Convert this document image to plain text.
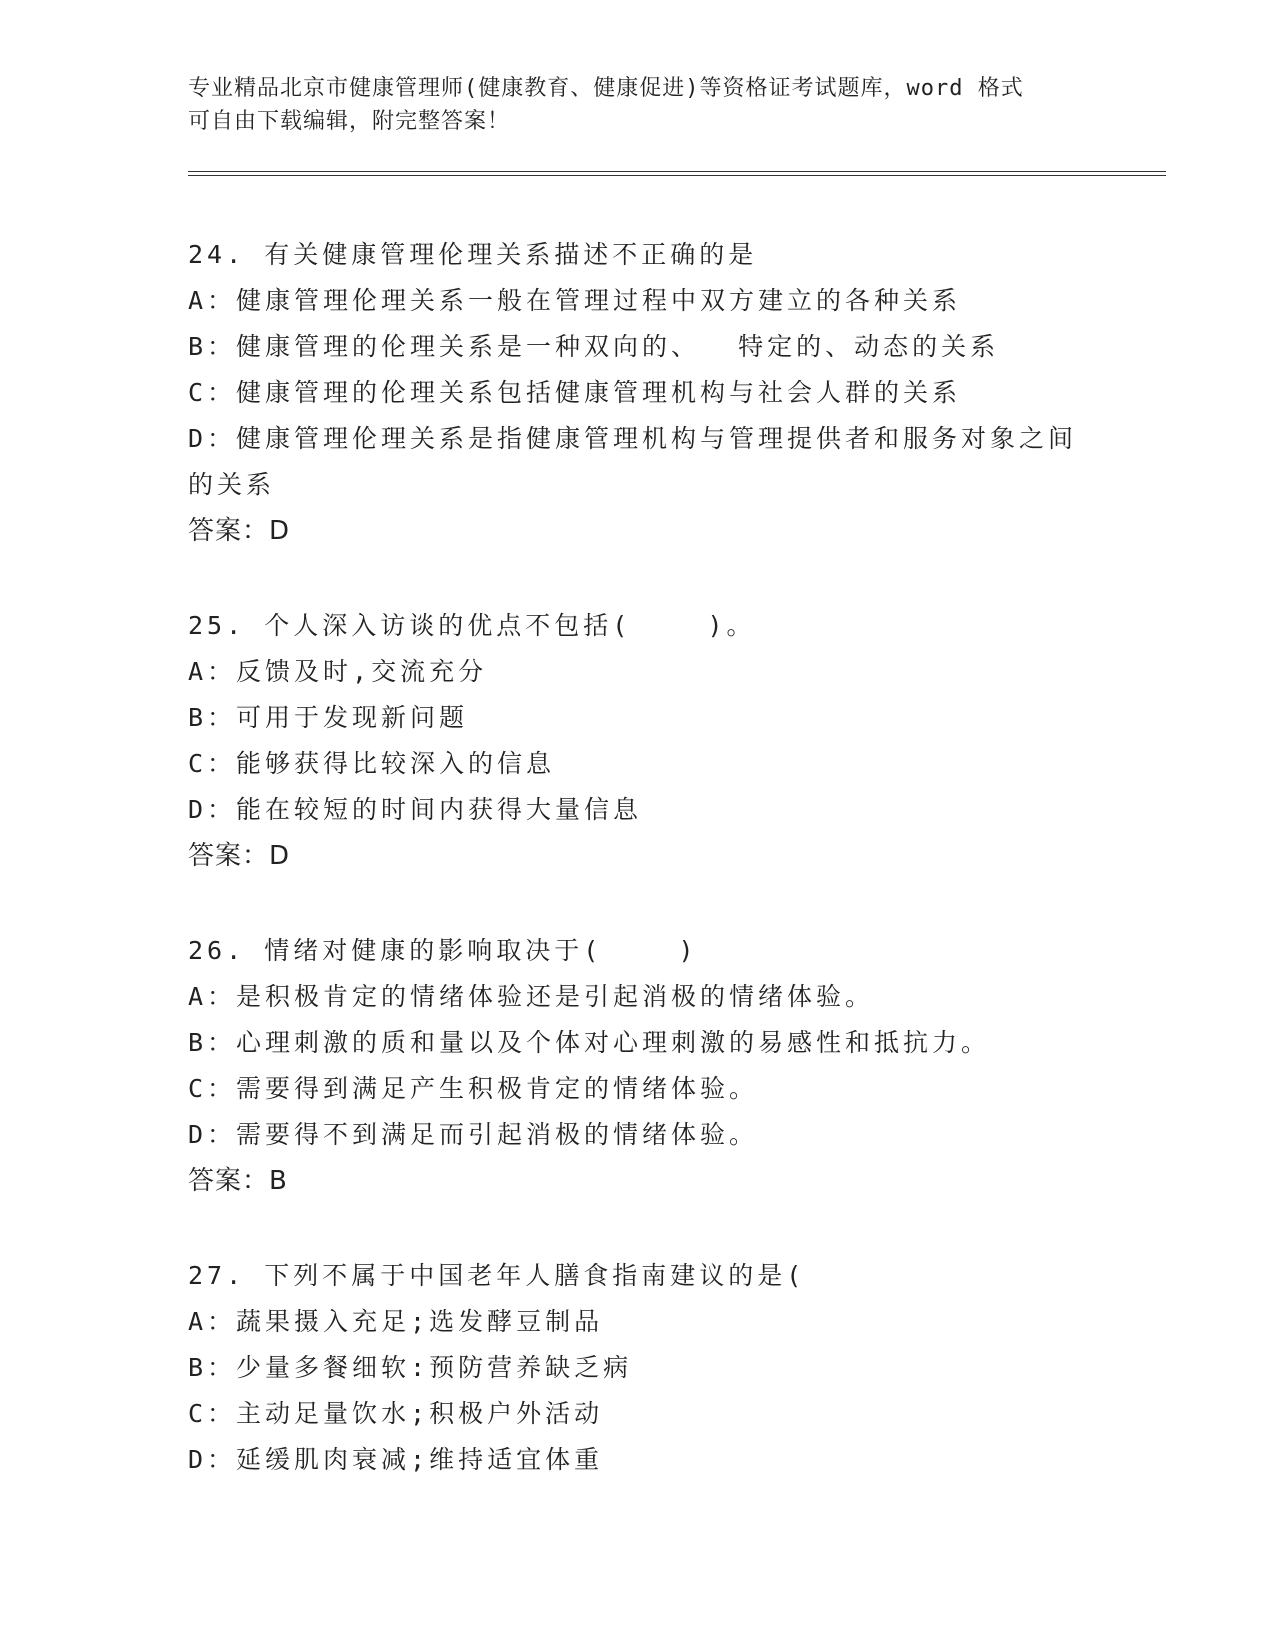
专业精品北京市健康管理师(健康教育、健康促进)等资格证考试题库，word 格式
可自由下载编辑，附完整答案！
24. 有关健康管理伦理关系描述不正确的是
A：健康管理伦理关系一般在管理过程中双方建立的各种关系
B：健康管理的伦理关系是一种双向的、  特定的、动态的关系
C：健康管理的伦理关系包括健康管理机构与社会人群的关系
D：健康管理伦理关系是指健康管理机构与管理提供者和服务对象之间
的关系
答案：D
25. 个人深入访谈的优点不包括(    )。
A：反馈及时,交流充分
B：可用于发现新问题
C：能够获得比较深入的信息
D：能在较短的时间内获得大量信息
答案：D
26. 情绪对健康的影响取决于(    )
A：是积极肯定的情绪体验还是引起消极的情绪体验。
B：心理刺激的质和量以及个体对心理刺激的易感性和抵抗力。
C：需要得到满足产生积极肯定的情绪体验。
D：需要得不到满足而引起消极的情绪体验。
答案：B
27. 下列不属于中国老年人膳食指南建议的是(
A：蔬果摄入充足;选发酵豆制品
B：少量多餐细软:预防营养缺乏病
C：主动足量饮水;积极户外活动
D：延缓肌肉衰减;维持适宜体重
